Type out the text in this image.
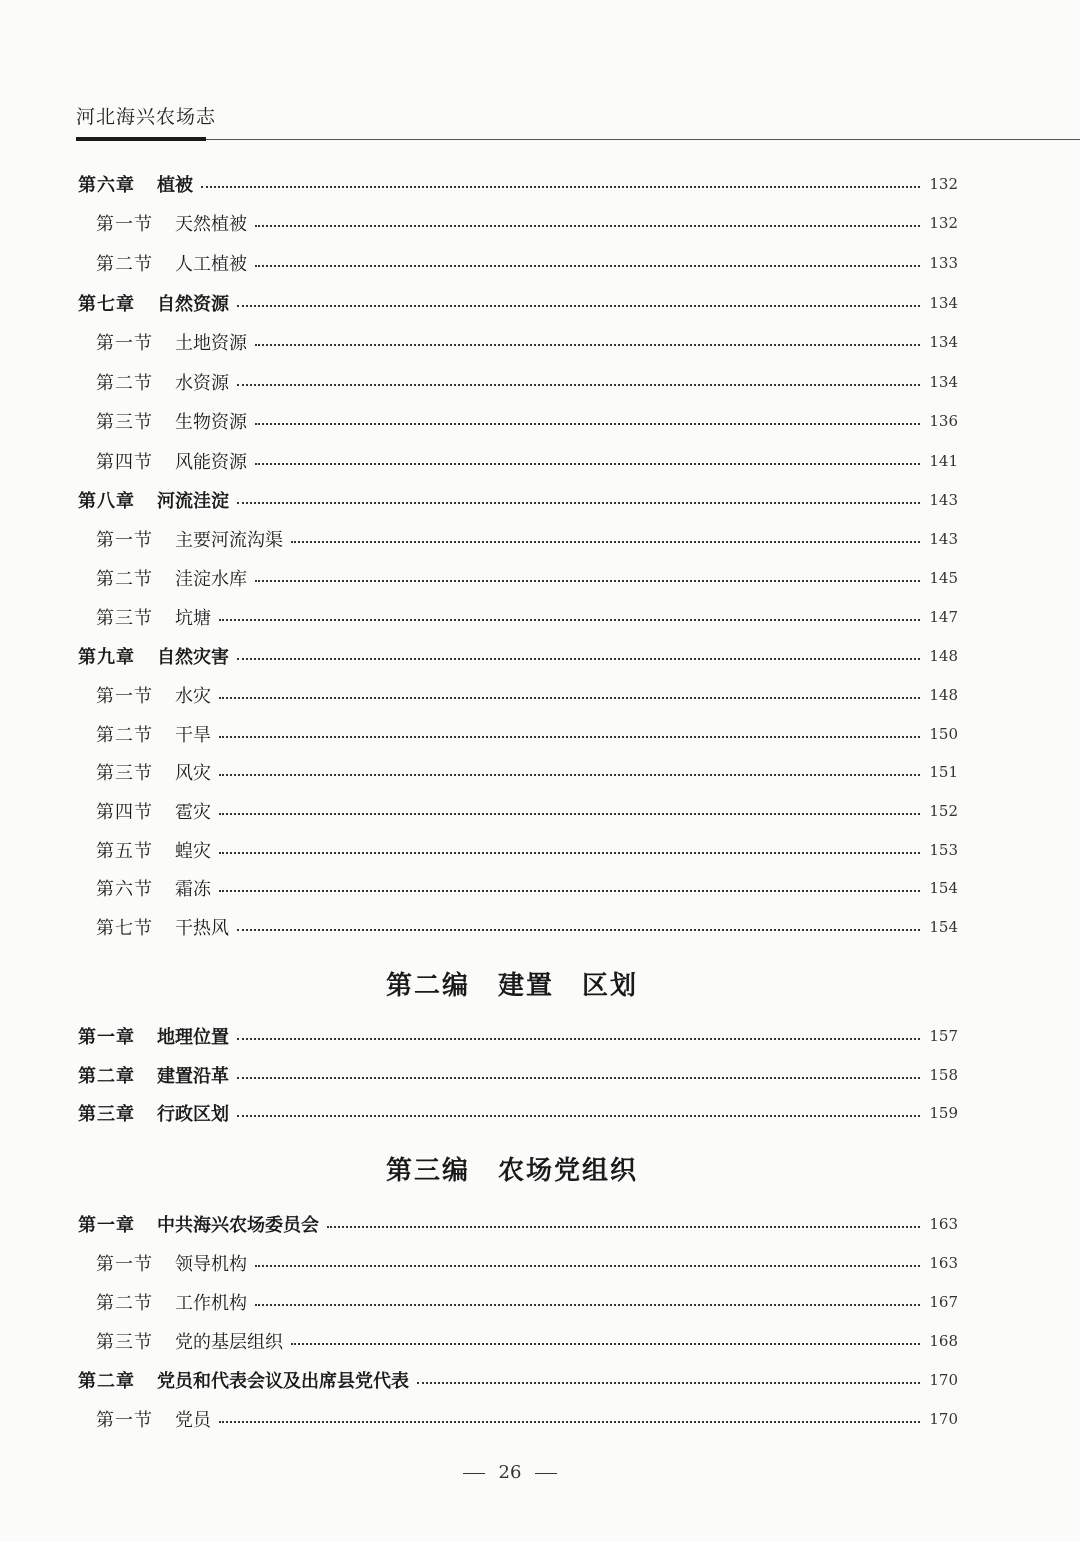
河北海兴农场志
第六章 植被	132
第一节 天然植被	132
第二节 人工植被	133
第七章 自然资源	134
第一节 土地资源	134
第二节 水资源	134
第三节 生物资源	136
第四节 风能资源	141
第八章 河流洼淀	143
第一节 主要河流沟渠	143
第二节 洼淀水库	145
第三节 坑塘	147
第九章 自然灾害	148
第一节 水灾	148
第二节 干旱	150
第三节 风灾	151
第四节 雹灾	152
第五节 蝗灾	153
第六节 霜冻	154
第七节 干热风	154
第二编 建置　区划
第一章 地理位置	157
第二章 建置沿革	158
第三章 行政区划	159
第三编 农场党组织
第一章 中共海兴农场委员会	163
第一节 领导机构	163
第二节 工作机构	167
第三节 党的基层组织	168
第二章 党员和代表会议及出席县党代表	170
第一节 党员	170
26
